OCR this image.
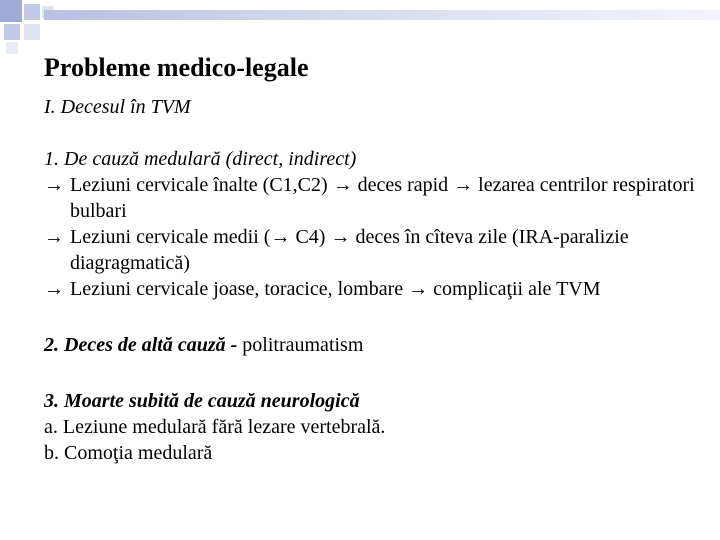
Probleme medico-legale

I. Decesul în TVM

1. De cauză medulară (direct, indirect)

→ Leziuni cervicale înalte (C1,C2) → deces rapid → lezarea centrilor respiratori bulbari

→ Leziuni cervicale medii (→ C4) → deces în cîteva zile (IRA-paralizie diagragmatică)

→ Leziuni cervicale joase, toracice, lombare → complicaţii ale TVM

2. Deces de altă cauză - politraumatism

3. Moarte subită de cauză neurologică

a. Leziune medulară fără lezare vertebrală.

b. Comoţia medulară
